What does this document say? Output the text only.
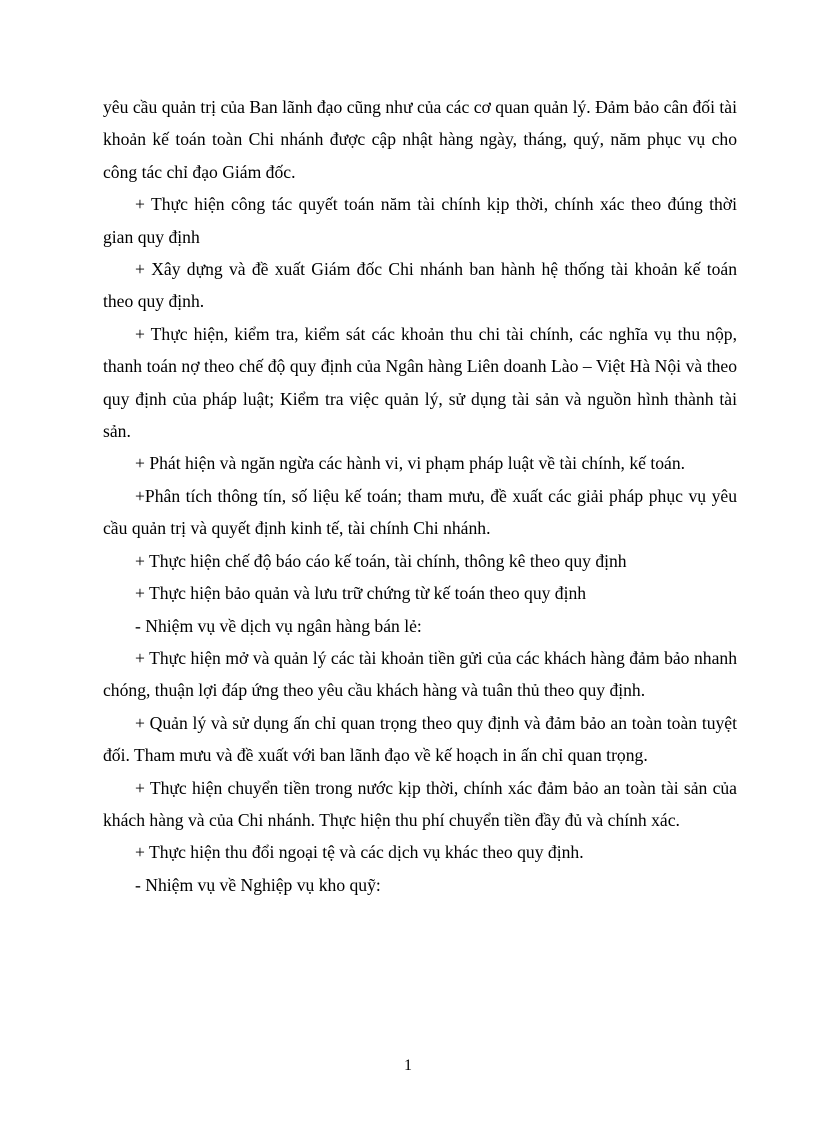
yêu cầu quản trị của Ban lãnh đạo cũng như của các cơ quan quản lý. Đảm bảo cân đối tài khoản kế toán toàn Chi nhánh được cập nhật hàng ngày, tháng, quý, năm phục vụ cho công tác chỉ đạo Giám đốc.

+ Thực hiện công tác quyết toán năm tài chính kịp thời, chính xác theo đúng thời gian quy định

+ Xây dựng và đề xuất Giám đốc Chi nhánh ban hành hệ thống tài khoản kế toán theo quy định.

+ Thực hiện, kiểm tra, kiểm sát các khoản thu chi tài chính, các nghĩa vụ thu nộp, thanh toán nợ theo chế độ quy định của Ngân hàng Liên doanh Lào – Việt Hà Nội và theo quy định của pháp luật; Kiểm tra việc quản lý, sử dụng tài sản và nguồn hình thành tài sản.

+ Phát hiện và ngăn ngừa các hành vi, vi phạm pháp luật về tài chính, kế toán.

+Phân tích thông tín, số liệu kế toán; tham mưu, đề xuất các giải pháp phục vụ yêu cầu quản trị và quyết định kinh tế, tài chính Chi nhánh.

+ Thực hiện chế độ báo cáo kế toán, tài chính, thông kê theo quy định

+ Thực hiện bảo quản và lưu trữ chứng từ kế toán theo quy định

- Nhiệm vụ về dịch vụ ngân hàng bán lẻ:

+ Thực hiện mở và quản lý các tài khoản tiền gửi của các khách hàng đảm bảo nhanh chóng, thuận lợi đáp ứng theo yêu cầu khách hàng và tuân thủ theo quy định.

+ Quản lý và sử dụng ấn chỉ quan trọng theo quy định và đảm bảo an toàn toàn tuyệt đối. Tham mưu và đề xuất với ban lãnh đạo về kế hoạch in ấn chỉ quan trọng.

+ Thực hiện chuyển tiền trong nước kịp thời, chính xác đảm bảo an toàn tài sản của khách hàng và của Chi nhánh. Thực hiện thu phí chuyển tiền đầy đủ và chính xác.

+ Thực hiện thu đổi ngoại tệ và các dịch vụ khác theo quy định.

- Nhiệm vụ về Nghiệp vụ kho quỹ:

1
